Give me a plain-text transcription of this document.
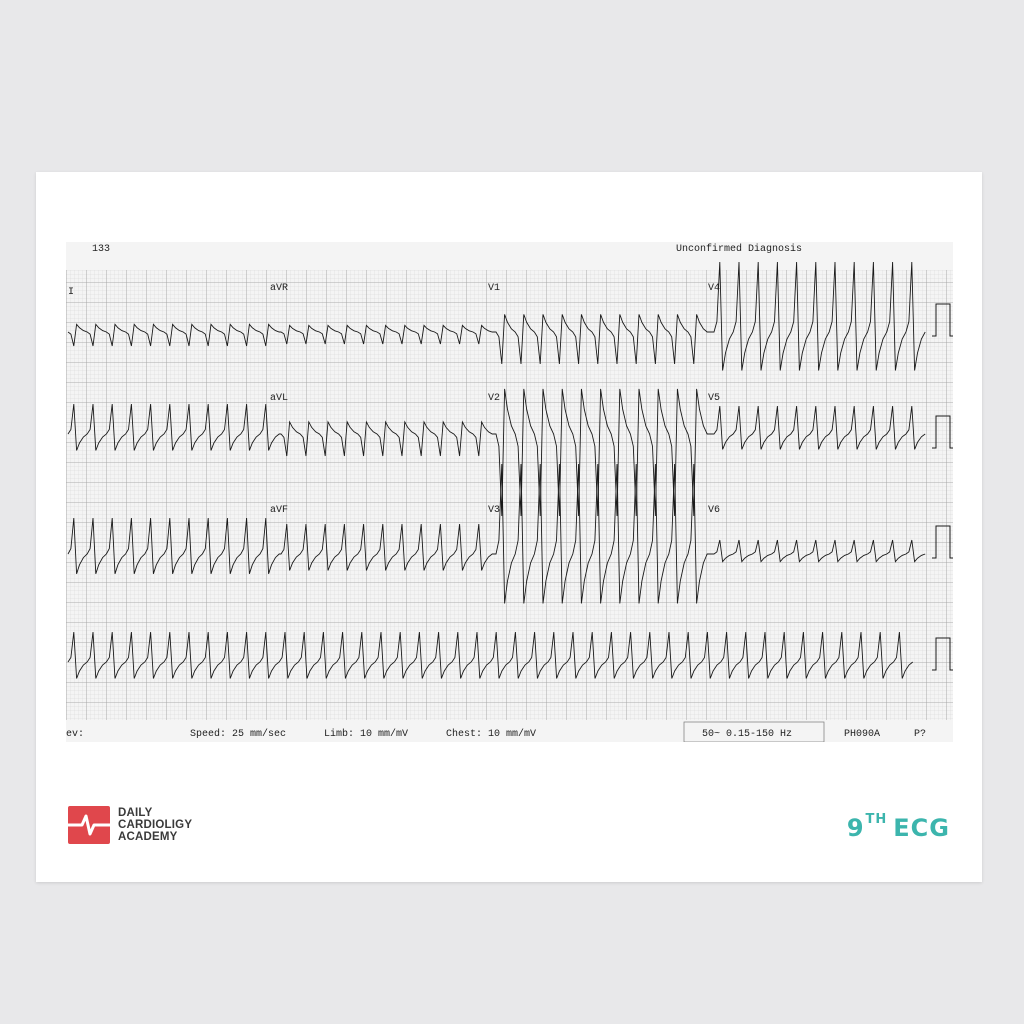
133	Unconfirmed Diagnosis
I	aVR	V1	V4
aVL	V2	V5
aVF	V3	V6
ev:	Speed: 25 mm/sec	Limb: 10 mm/mV	Chest: 10 mm/mV	50~ 0.15-150 Hz	PH090A	P?
DAILY
CARDIOLIGY
ACADEMY	9TH ECG
